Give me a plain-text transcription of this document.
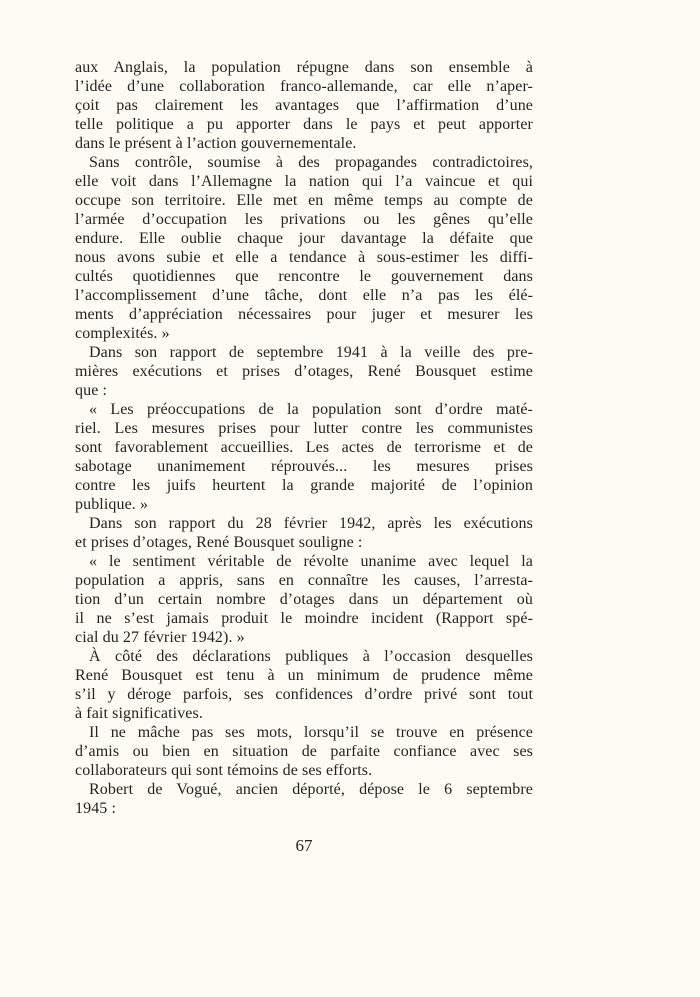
aux Anglais, la population répugne dans son ensemble à
l’idée d’une collaboration franco-allemande, car elle n’aper-
çoit pas clairement les avantages que l’affirmation d’une
telle politique a pu apporter dans le pays et peut apporter
dans le présent à l’action gouvernementale.
Sans contrôle, soumise à des propagandes contradictoires,
elle voit dans l’Allemagne la nation qui l’a vaincue et qui
occupe son territoire. Elle met en même temps au compte de
l’armée d’occupation les privations ou les gênes qu’elle
endure. Elle oublie chaque jour davantage la défaite que
nous avons subie et elle a tendance à sous-estimer les diffi-
cultés quotidiennes que rencontre le gouvernement dans
l’accomplissement d’une tâche, dont elle n’a pas les élé-
ments d’appréciation nécessaires pour juger et mesurer les
complexités. »
Dans son rapport de septembre 1941 à la veille des pre-
mières exécutions et prises d’otages, René Bousquet estime
que :
« Les préoccupations de la population sont d’ordre maté-
riel. Les mesures prises pour lutter contre les communistes
sont favorablement accueillies. Les actes de terrorisme et de
sabotage unanimement réprouvés... les mesures prises
contre les juifs heurtent la grande majorité de l’opinion
publique. »
Dans son rapport du 28 février 1942, après les exécutions
et prises d’otages, René Bousquet souligne :
« le sentiment véritable de révolte unanime avec lequel la
population a appris, sans en connaître les causes, l’arresta-
tion d’un certain nombre d’otages dans un département où
il ne s’est jamais produit le moindre incident (Rapport spé-
cial du 27 février 1942). »
À côté des déclarations publiques à l’occasion desquelles
René Bousquet est tenu à un minimum de prudence même
s’il y déroge parfois, ses confidences d’ordre privé sont tout
à fait significatives.
Il ne mâche pas ses mots, lorsqu’il se trouve en présence
d’amis ou bien en situation de parfaite confiance avec ses
collaborateurs qui sont témoins de ses efforts.
Robert de Vogué, ancien déporté, dépose le 6 septembre
1945 :
67
